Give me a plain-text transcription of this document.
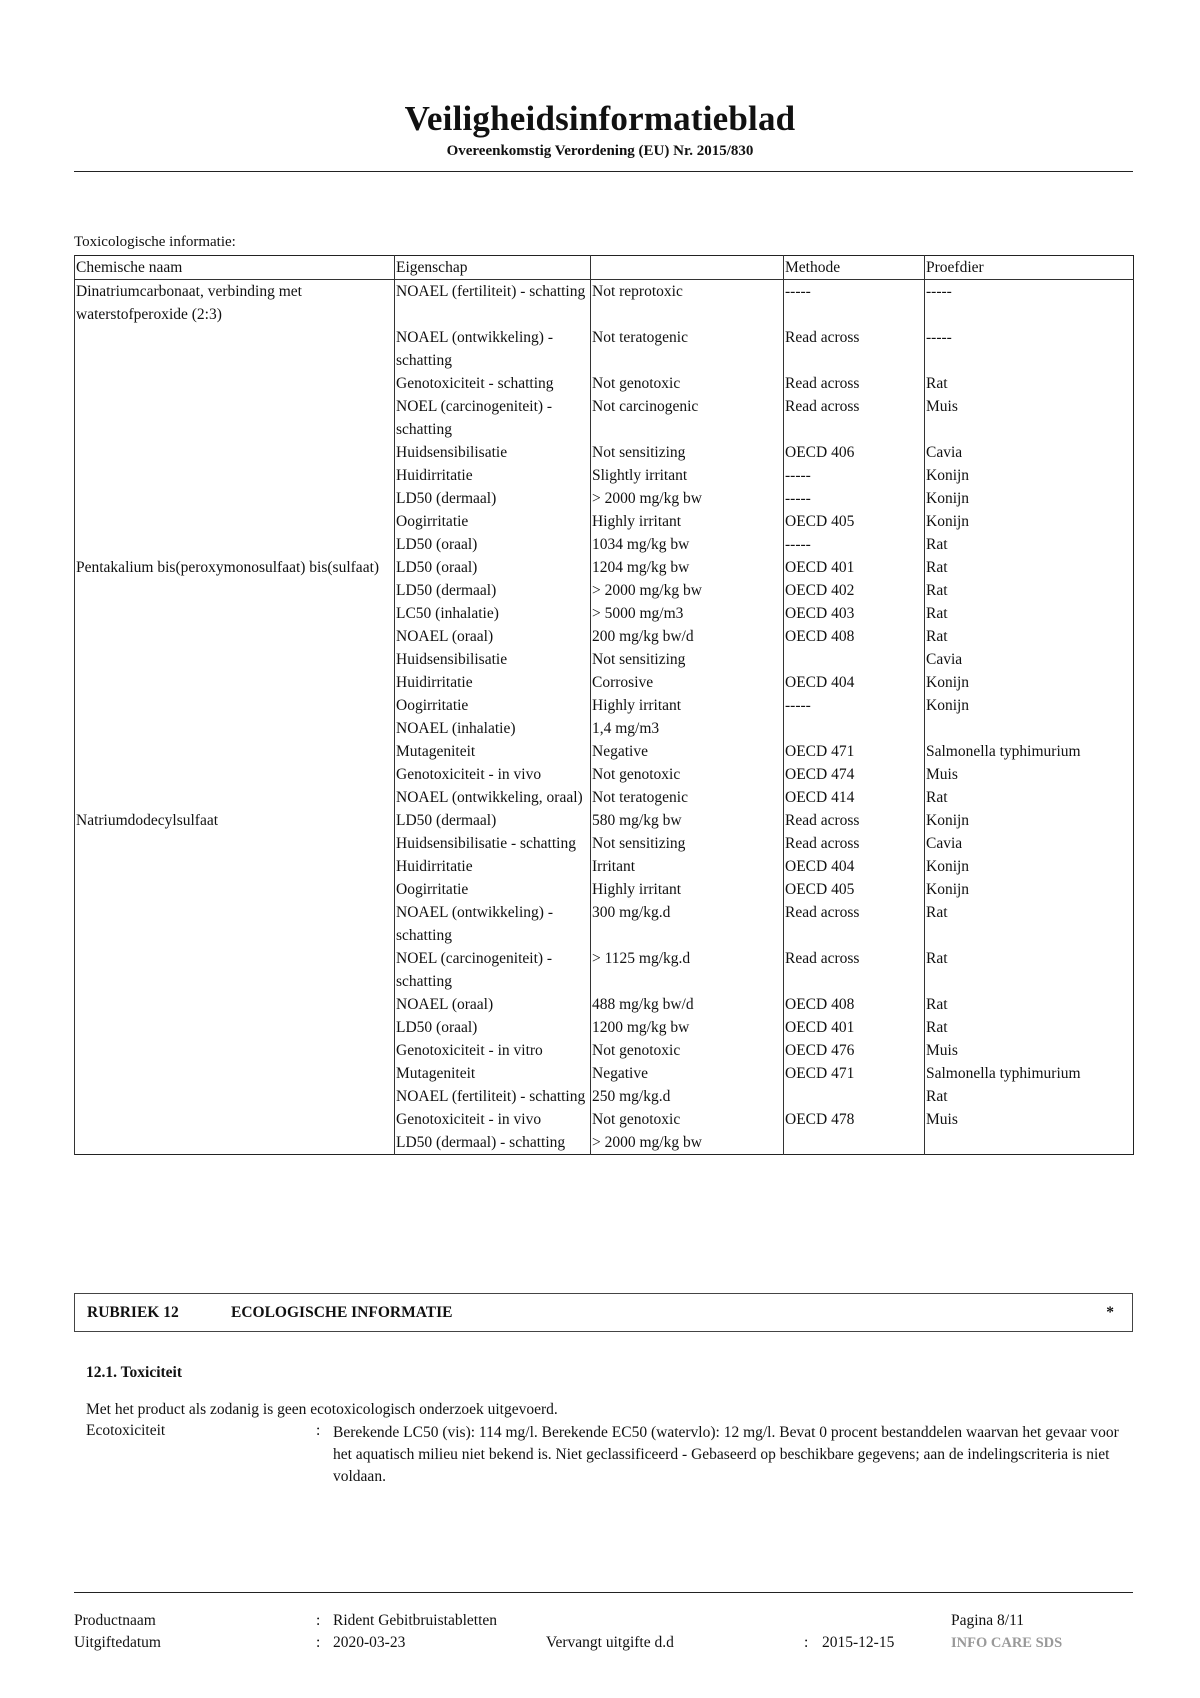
Veiligheidsinformatieblad
Overeenkomstig Verordening (EU) Nr. 2015/830
Toxicologische informatie:
Chemische naam	Eigenschap		Methode	Proefdier
Dinatriumcarbonaat, verbinding met waterstofperoxide (2:3)	NOAEL (fertiliteit) - schatting	Not reprotoxic	-----	-----
	NOAEL (ontwikkeling) - schatting	Not teratogenic	Read across	-----
	Genotoxiciteit - schatting	Not genotoxic	Read across	Rat
	NOEL (carcinogeniteit) - schatting	Not carcinogenic	Read across	Muis
	Huidsensibilisatie	Not sensitizing	OECD 406	Cavia
	Huidirritatie	Slightly irritant	-----	Konijn
	LD50 (dermaal)	> 2000 mg/kg bw	-----	Konijn
	Oogirritatie	Highly irritant	OECD 405	Konijn
	LD50 (oraal)	1034 mg/kg bw	-----	Rat
Pentakalium bis(peroxymonosulfaat) bis(sulfaat)	LD50 (oraal)	1204 mg/kg bw	OECD 401	Rat
	LD50 (dermaal)	> 2000 mg/kg bw	OECD 402	Rat
	LC50 (inhalatie)	> 5000 mg/m3	OECD 403	Rat
	NOAEL (oraal)	200 mg/kg bw/d	OECD 408	Rat
	Huidsensibilisatie	Not sensitizing		Cavia
	Huidirritatie	Corrosive	OECD 404	Konijn
	Oogirritatie	Highly irritant	-----	Konijn
	NOAEL (inhalatie)	1,4 mg/m3		
	Mutageniteit	Negative	OECD 471	Salmonella typhimurium
	Genotoxiciteit - in vivo	Not genotoxic	OECD 474	Muis
	NOAEL (ontwikkeling, oraal)	Not teratogenic	OECD 414	Rat
Natriumdodecylsulfaat	LD50 (dermaal)	580 mg/kg bw	Read across	Konijn
	Huidsensibilisatie - schatting	Not sensitizing	Read across	Cavia
	Huidirritatie	Irritant	OECD 404	Konijn
	Oogirritatie	Highly irritant	OECD 405	Konijn
	NOAEL (ontwikkeling) - schatting	300 mg/kg.d	Read across	Rat
	NOEL (carcinogeniteit) - schatting	> 1125 mg/kg.d	Read across	Rat
	NOAEL (oraal)	488 mg/kg bw/d	OECD 408	Rat
	LD50 (oraal)	1200 mg/kg bw	OECD 401	Rat
	Genotoxiciteit - in vitro	Not genotoxic	OECD 476	Muis
	Mutageniteit	Negative	OECD 471	Salmonella typhimurium
	NOAEL (fertiliteit) - schatting	250 mg/kg.d		Rat
	Genotoxiciteit - in vivo	Not genotoxic	OECD 478	Muis
	LD50 (dermaal) - schatting	> 2000 mg/kg bw		
RUBRIEK 12	ECOLOGISCHE INFORMATIE	*
12.1. Toxiciteit
Met het product als zodanig is geen ecotoxicologisch onderzoek uitgevoerd.
Ecotoxiciteit	: Berekende LC50 (vis): 114 mg/l. Berekende EC50 (watervlo): 12 mg/l. Bevat 0 procent bestanddelen waarvan het gevaar voor het aquatisch milieu niet bekend is. Niet geclassificeerd - Gebaseerd op beschikbare gegevens; aan de indelingscriteria is niet voldaan.
Productnaam	: Rident Gebitbruistabletten	Pagina 8/11
Uitgiftedatum	: 2020-03-23	Vervangt uitgifte d.d	: 2015-12-15	INFO CARE SDS
